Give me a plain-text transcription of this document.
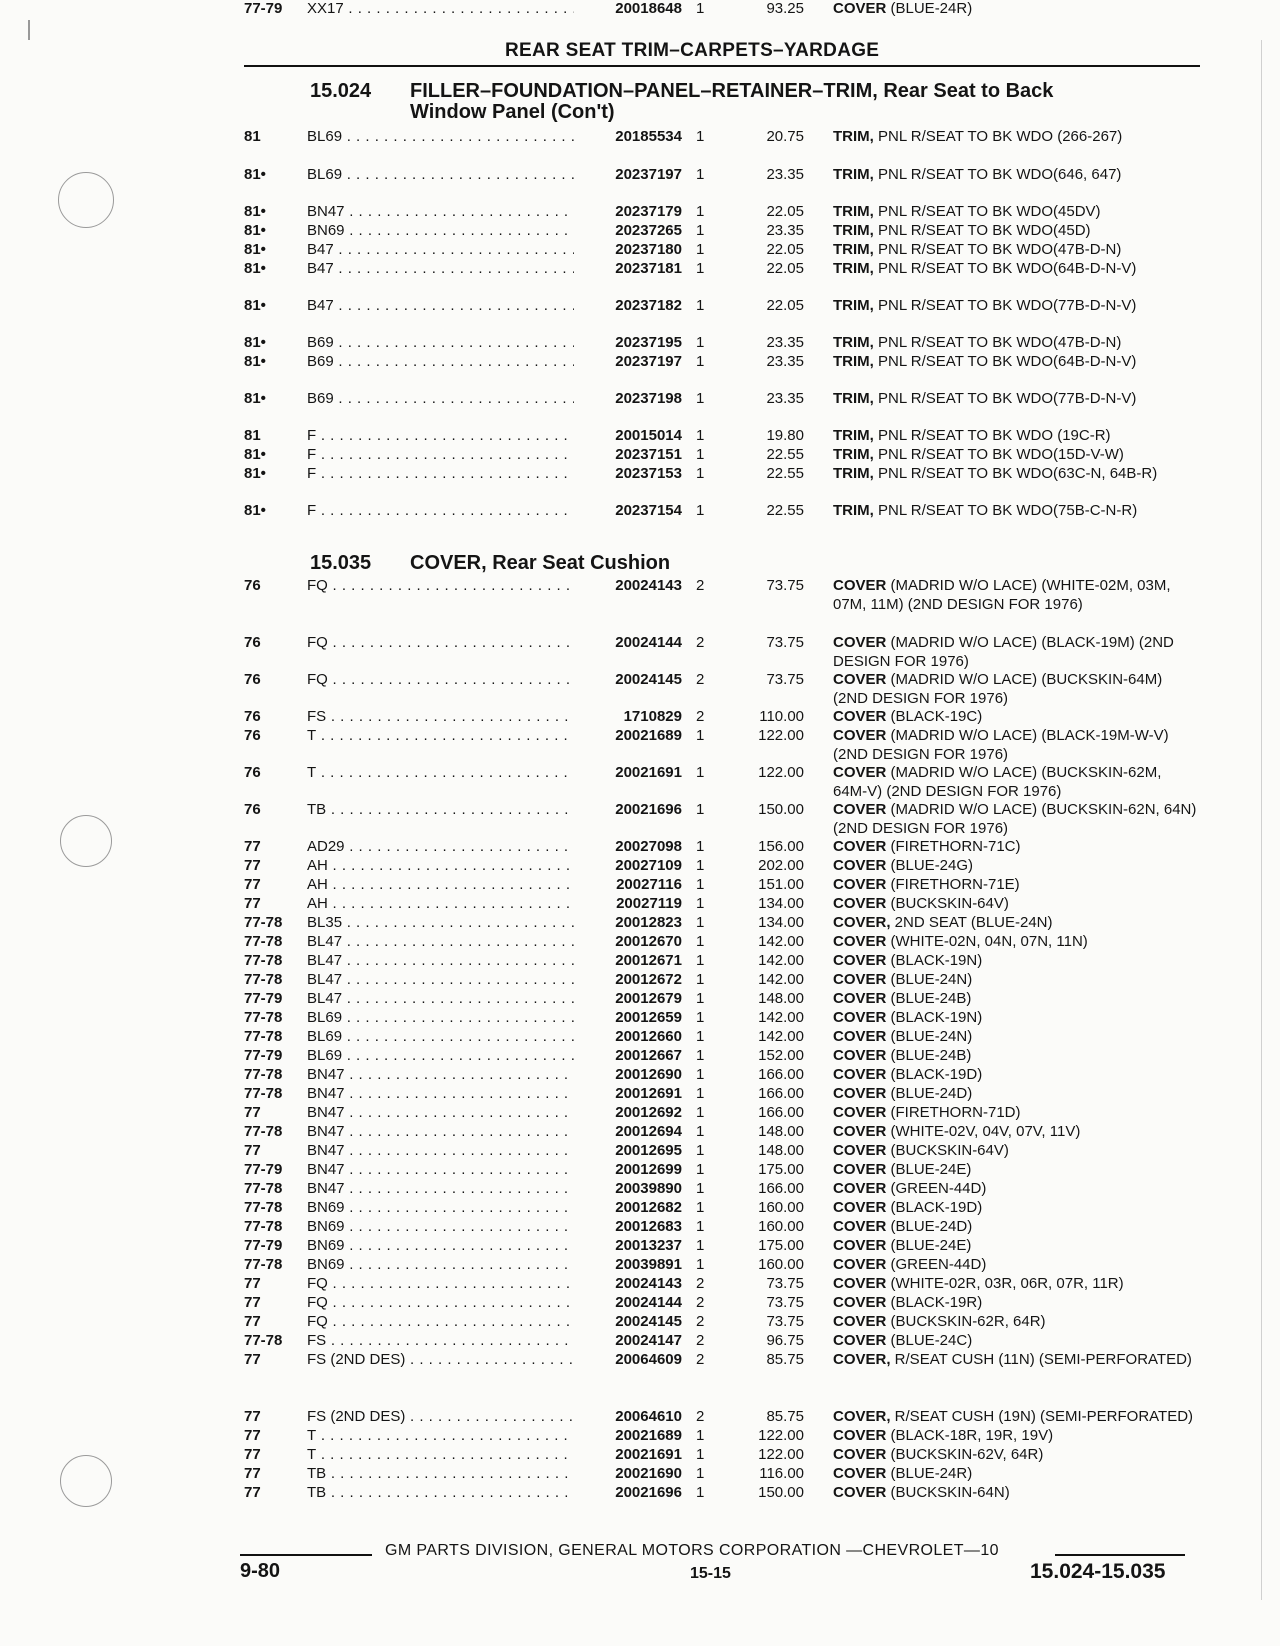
REAR SEAT TRIM–CARPETS–YARDAGE
15.024 FILLER–FOUNDATION–PANEL–RETAINER–TRIM, Rear Seat to Back
Window Panel (Con't)
15.035 COVER, Rear Seat Cushion
81	BL69 . . .	20185534 1	20.75 TRIM, PNL R/SEAT TO BK WDO (266-267)
81•	BL69 . . .	20237197 1	23.35 TRIM, PNL R/SEAT TO BK WDO(646, 647)
81•	BN47 . . .	20237179 1	22.05 TRIM, PNL R/SEAT TO BK WDO(45DV)
81•	BN69 . . .	20237265 1	23.35 TRIM, PNL R/SEAT TO BK WDO(45D)
81•	B47 . . .	20237180 1	22.05 TRIM, PNL R/SEAT TO BK WDO(47B-D-N)
81•	B47 . . .	20237181 1	22.05 TRIM, PNL R/SEAT TO BK WDO(64B-D-N-V)
81•	B47 . . .	20237182 1	22.05 TRIM, PNL R/SEAT TO BK WDO(77B-D-N-V)
81•	B69 . . .	20237195 1	23.35 TRIM, PNL R/SEAT TO BK WDO(47B-D-N)
81•	B69 . . .	20237197 1	23.35 TRIM, PNL R/SEAT TO BK WDO(64B-D-N-V)
81•	B69 . . .	20237198 1	23.35 TRIM, PNL R/SEAT TO BK WDO(77B-D-N-V)
81	F . . .	20015014 1	19.80 TRIM, PNL R/SEAT TO BK WDO (19C-R)
81•	F . . .	20237151 1	22.55 TRIM, PNL R/SEAT TO BK WDO(15D-V-W)
81•	F . . .	20237153 1	22.55 TRIM, PNL R/SEAT TO BK WDO(63C-N, 64B-R)
81•	F . . .	20237154 1	22.55 TRIM, PNL R/SEAT TO BK WDO(75B-C-N-R)
76	FQ . . .	20024143 2	73.75 COVER (MADRID W/O LACE) (WHITE-02M, 03M, 07M, 11M) (2ND DESIGN FOR 1976)
76	FQ . . .	20024144 2	73.75 COVER (MADRID W/O LACE) (BLACK-19M) (2ND DESIGN FOR 1976)
76	FQ . . .	20024145 2	73.75 COVER (MADRID W/O LACE) (BUCKSKIN-64M) (2ND DESIGN FOR 1976)
76	FS . . .	1710829 2	110.00 COVER (BLACK-19C)
76	T . . .	20021689 1	122.00 COVER (MADRID W/O LACE) (BLACK-19M-W-V) (2ND DESIGN FOR 1976)
76	T . . .	20021691 1	122.00 COVER (MADRID W/O LACE) (BUCKSKIN-62M, 64M-V) (2ND DESIGN FOR 1976)
76	TB . . .	20021696 1	150.00 COVER (MADRID W/O LACE) (BUCKSKIN-62N, 64N) (2ND DESIGN FOR 1976)
77	AD29 . . .	20027098 1	156.00 COVER (FIRETHORN-71C)
77	AH . . .	20027109 1	202.00 COVER (BLUE-24G)
77	AH . . .	20027116 1	151.00 COVER (FIRETHORN-71E)
77	AH . . .	20027119 1	134.00 COVER (BUCKSKIN-64V)
77-78 BL35 . . .	20012823 1	134.00 COVER, 2ND SEAT (BLUE-24N)
77-78 BL47 . . .	20012670 1	142.00 COVER (WHITE-02N, 04N, 07N, 11N)
77-78 BL47 . . .	20012671 1	142.00 COVER (BLACK-19N)
77-78 BL47 . . .	20012672 1	142.00 COVER (BLUE-24N)
77-79 BL47 . . .	20012679 1	148.00 COVER (BLUE-24B)
77-78 BL69 . . .	20012659 1	142.00 COVER (BLACK-19N)
77-78 BL69 . . .	20012660 1	142.00 COVER (BLUE-24N)
77-79 BL69 . . .	20012667 1	152.00 COVER (BLUE-24B)
77-78 BN47 . . .	20012690 1	166.00 COVER (BLACK-19D)
77-78 BN47 . . .	20012691 1	166.00 COVER (BLUE-24D)
77	BN47 . . .	20012692 1	166.00 COVER (FIRETHORN-71D)
77-78 BN47 . . .	20012694 1	148.00 COVER (WHITE-02V, 04V, 07V, 11V)
77	BN47 . . .	20012695 1	148.00 COVER (BUCKSKIN-64V)
77-79 BN47 . . .	20012699 1	175.00 COVER (BLUE-24E)
77-78 BN47 . . .	20039890 1	166.00 COVER (GREEN-44D)
77-78 BN69 . . .	20012682 1	160.00 COVER (BLACK-19D)
77-78 BN69 . . .	20012683 1	160.00 COVER (BLUE-24D)
77-79 BN69 . . .	20013237 1	175.00 COVER (BLUE-24E)
77-78 BN69 . . .	20039891 1	160.00 COVER (GREEN-44D)
77	FQ . . .	20024143 2	73.75 COVER (WHITE-02R, 03R, 06R, 07R, 11R)
77	FQ . . .	20024144 2	73.75 COVER (BLACK-19R)
77	FQ . . .	20024145 2	73.75 COVER (BUCKSKIN-62R, 64R)
77-78 FS . . .	20024147 2	96.75 COVER (BLUE-24C)
77	FS (2ND DES) . . .	20064609 2	85.75 COVER, R/SEAT CUSH (11N) (SEMI-PERFORATED)
77	FS (2ND DES) . . .	20064610 2	85.75 COVER, R/SEAT CUSH (19N) (SEMI-PERFORATED)
77	T . . .	20021689 1	122.00 COVER (BLACK-18R, 19R, 19V)
77	T . . .	20021691 1	122.00 COVER (BUCKSKIN-62V, 64R)
77	TB . . .	20021690 1	116.00 COVER (BLUE-24R)
77	TB . . .	20021696 1	150.00 COVER (BUCKSKIN-64N)
77-79 XX17 . . .	20018648 1	93.25 COVER (BLUE-24R)
GM PARTS DIVISION, GENERAL MOTORS CORPORATION —CHEVROLET—10
9-80	15-15	15.024-15.035
